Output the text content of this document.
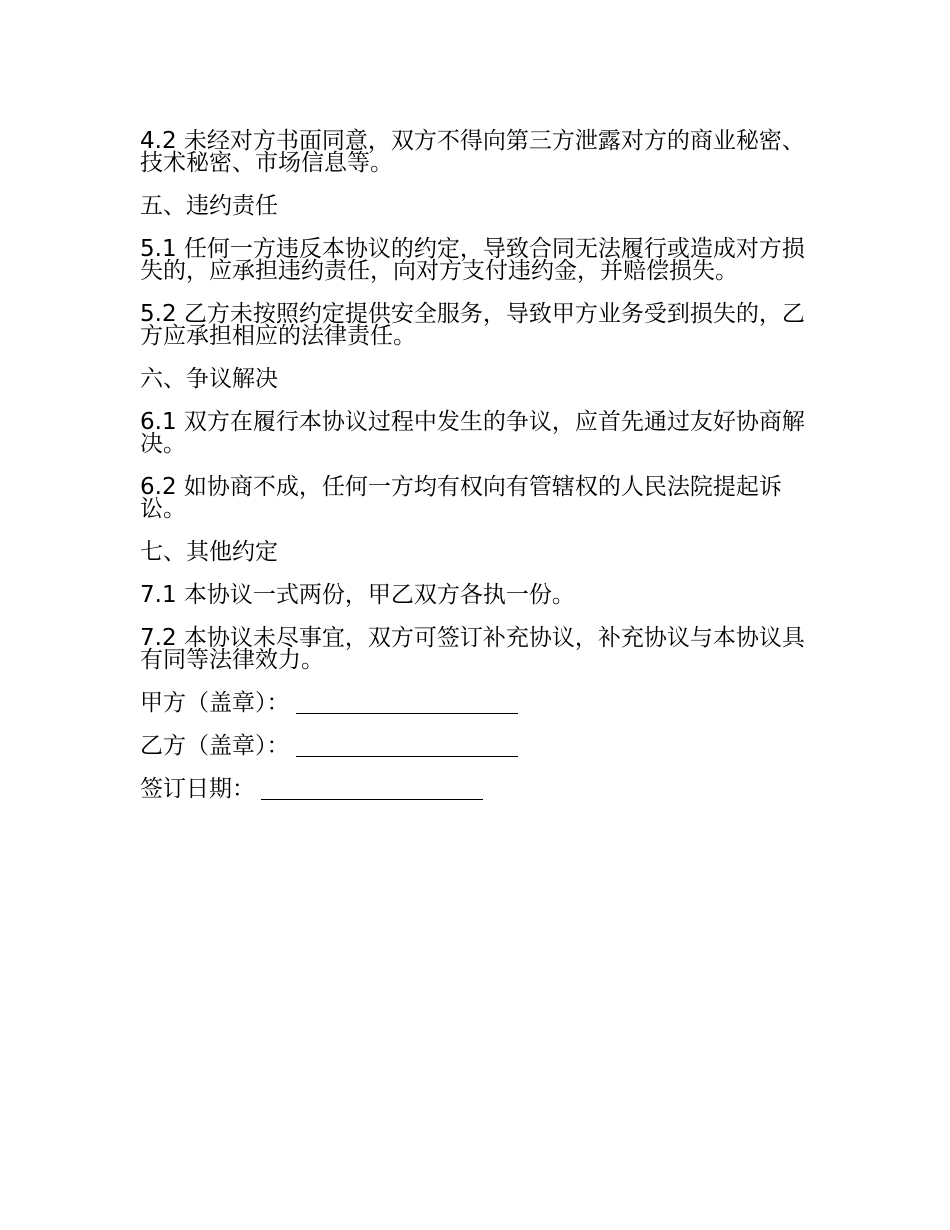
4.2 未经对方书面同意，双方不得向第三方泄露对方的商业秘密、技术秘密、市场信息等。

五、违约责任

5.1 任何一方违反本协议的约定，导致合同无法履行或造成对方损失的，应承担违约责任，向对方支付违约金，并赔偿损失。

5.2 乙方未按照约定提供安全服务，导致甲方业务受到损失的，乙方应承担相应的法律责任。

六、争议解决

6.1 双方在履行本协议过程中发生的争议，应首先通过友好协商解决。

6.2 如协商不成，任何一方均有权向有管辖权的人民法院提起诉讼。

七、其他约定

7.1 本协议一式两份，甲乙双方各执一份。

7.2 本协议未尽事宜，双方可签订补充协议，补充协议与本协议具有同等法律效力。

甲方（盖章）：
乙方（盖章）：
签订日期：
